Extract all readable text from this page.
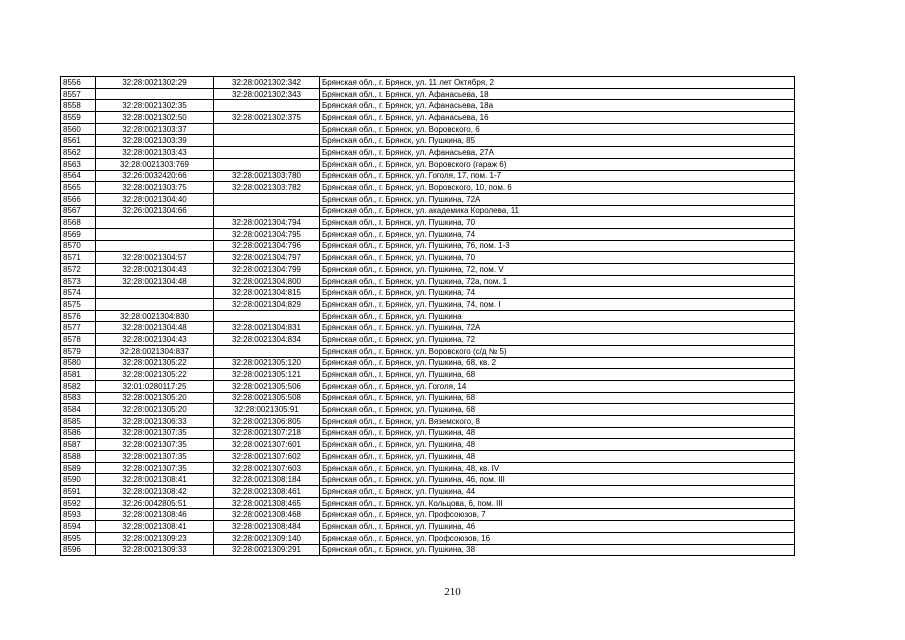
8556	32:28:0021302:29	32:28:0021302:342	Брянская обл., г. Брянск, ул. 11 лет Октября, 2
8557		32:28:0021302:343	Брянская обл., г. Брянск, ул. Афанасьева, 18
8558	32:28:0021302:35		Брянская обл., г. Брянск, ул. Афанасьева, 18а
8559	32:28:0021302:50	32:28:0021302:375	Брянская обл., г. Брянск, ул. Афанасьева, 16
8560	32:28:0021303:37		Брянская обл., г. Брянск, ул. Воровского, 6
8561	32:28:0021303:39		Брянская обл., г. Брянск, ул. Пушкина, 85
8562	32:28:0021303:43		Брянская обл., г. Брянск, ул. Афанасьева, 27А
8563	32:28:0021303:769		Брянская обл., г. Брянск, ул. Воровского (гараж 6)
8564	32:26:0032420:66	32:28:0021303:780	Брянская обл., г. Брянск, ул. Гоголя, 17, пом. 1-7
8565	32:28:0021303:75	32:28:0021303:782	Брянская обл., г. Брянск, ул. Воровского, 10, пом. 6
8566	32:28:0021304:40		Брянская обл., г. Брянск, ул. Пушкина, 72А
8567	32:26:0021304:66		Брянская обл., г. Брянск, ул. академика Королева, 11
8568		32:28:0021304:794	Брянская обл., г. Брянск, ул. Пушкина, 70
8569		32:28:0021304:795	Брянская обл., г. Брянск, ул. Пушкина, 74
8570		32:28:0021304:796	Брянская обл., г. Брянск, ул. Пушкина, 76, пом. 1-3
8571	32:28:0021304:57	32:28:0021304:797	Брянская обл., г. Брянск, ул. Пушкина, 70
8572	32:28:0021304:43	32:28:0021304:799	Брянская обл., г. Брянск, ул. Пушкина, 72, пом. V
8573	32:28:0021304:48	32:28:0021304:800	Брянская обл., г. Брянск, ул. Пушкина, 72а, пом. 1
8574		32:28:0021304:815	Брянская обл., г. Брянск, ул. Пушкина, 74
8575		32:28:0021304:829	Брянская обл., г. Брянск, ул. Пушкина, 74, пом. I
8576	32:28:0021304:830		Брянская обл., г. Брянск, ул. Пушкина
8577	32:28:0021304:48	32:28:0021304:831	Брянская обл., г. Брянск, ул. Пушкина, 72А
8578	32:28:0021304:43	32:28:0021304:834	Брянская обл., г. Брянск, ул. Пушкина, 72
8579	32:28:0021304:837		Брянская обл., г. Брянск, ул. Воровского (с/д № 5)
8580	32:28:0021305:22	32:28:0021305:120	Брянская обл., г. Брянск, ул. Пушкина, 68, кв. 2
8581	32:28:0021305:22	32:28:0021305:121	Брянская обл., г. Брянск, ул. Пушкина, 68
8582	32:01:0280117:25	32:28:0021305:506	Брянская обл., г. Брянск, ул. Гоголя, 14
8583	32:28:0021305:20	32:28:0021305:508	Брянская обл., г. Брянск, ул. Пушкина, 68
8584	32:28:0021305:20	32:28:0021305:91	Брянская обл., г. Брянск, ул. Пушкина, 68
8585	32:28:0021306:33	32:28:0021306:805	Брянская обл., г. Брянск, ул. Вяземского, 8
8586	32:28:0021307:35	32:28:0021307:218	Брянская обл., г. Брянск, ул. Пушкина, 48
8587	32:28:0021307:35	32:28:0021307:601	Брянская обл., г. Брянск, ул. Пушкина, 48
8588	32:28:0021307:35	32:28:0021307:602	Брянская обл., г. Брянск, ул. Пушкина, 48
8589	32:28:0021307:35	32:28:0021307:603	Брянская обл., г. Брянск, ул. Пушкина, 48, кв. IV
8590	32:28:0021308:41	32:28:0021308:184	Брянская обл., г. Брянск, ул. Пушкина, 46, пом. III
8591	32:28:0021308:42	32:28:0021308:461	Брянская обл., г. Брянск, ул. Пушкина, 44
8592	32:26:0042805:51	32:28:0021308:465	Брянская обл., г. Брянск, ул. Кольцова, 6, пом. III
8593	32:28:0021308:46	32:28:0021308:468	Брянская обл., г. Брянск, ул. Профсоюзов, 7
8594	32:28:0021308:41	32:28:0021308:484	Брянская обл., г. Брянск, ул. Пушкина, 46
8595	32:28:0021309:23	32:28:0021309:140	Брянская обл., г. Брянск, ул. Профсоюзов, 16
8596	32:28:0021309:33	32:28:0021309:291	Брянская обл., г. Брянск, ул. Пушкина, 38
210
